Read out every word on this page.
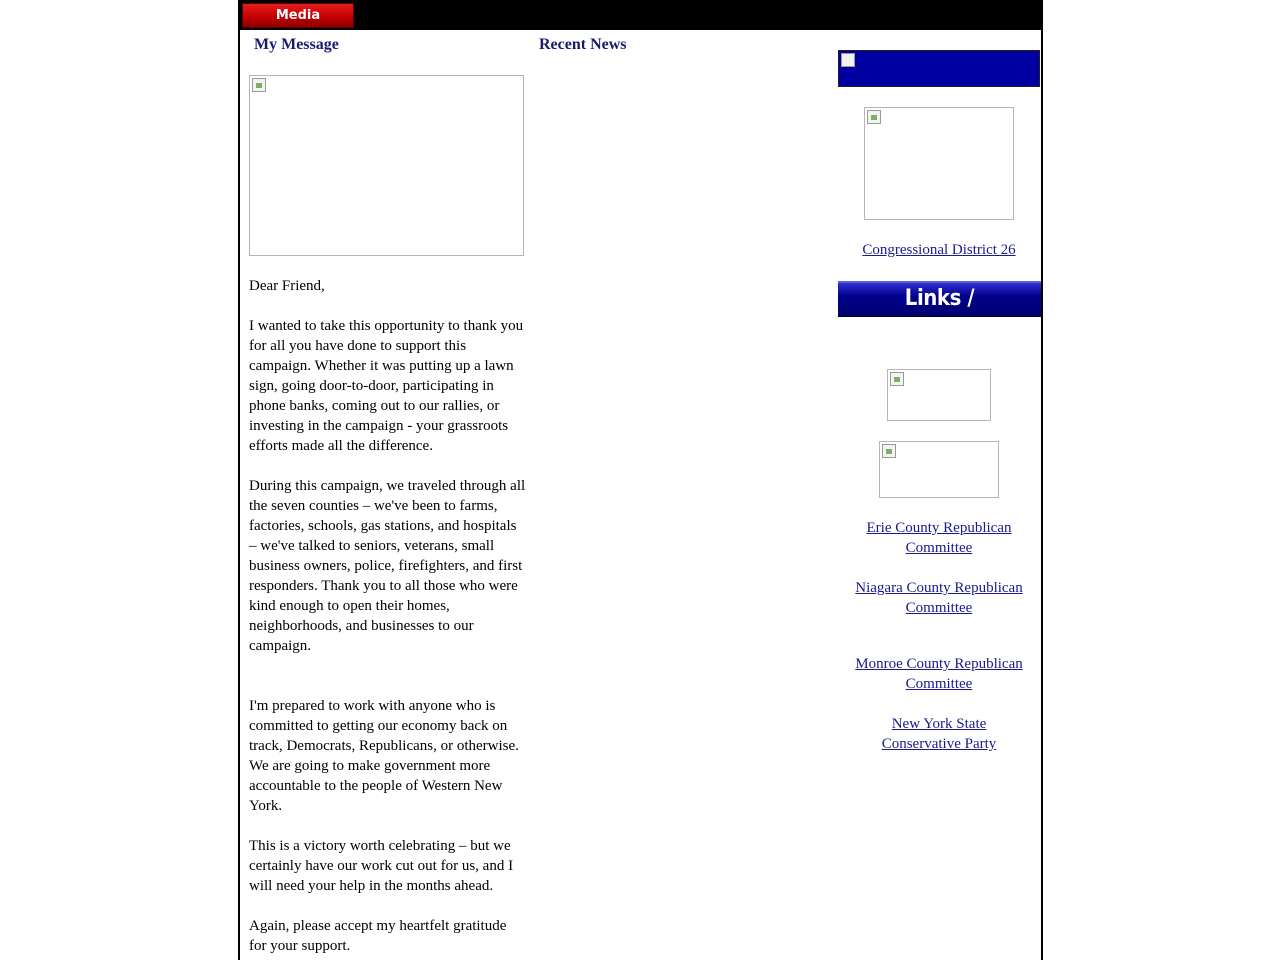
Media
My Message	Recent News

Dear Friend,

I wanted to take this opportunity to thank you for all you have done to support this campaign. Whether it was putting up a lawn sign, going door-to-door, participating in phone banks, coming out to our rallies, or investing in the campaign - your grassroots efforts made all the difference.

During this campaign, we traveled through all the seven counties – we've been to farms, factories, schools, gas stations, and hospitals – we've talked to seniors, veterans, small business owners, police, firefighters, and first responders. Thank you to all those who were kind enough to open their homes, neighborhoods, and businesses to our campaign.

I'm prepared to work with anyone who is committed to getting our economy back on track, Democrats, Republicans, or otherwise. We are going to make government more accountable to the people of Western New York.

This is a victory worth celebrating – but we certainly have our work cut out for us, and I will need your help in the months ahead.

Again, please accept my heartfelt gratitude for your support.

Congressional District 26
Links / Resources
Erie County Republican
Committee
Niagara County Republican
Committee
Monroe County Republican
Committee
New York State
Conservative Party
